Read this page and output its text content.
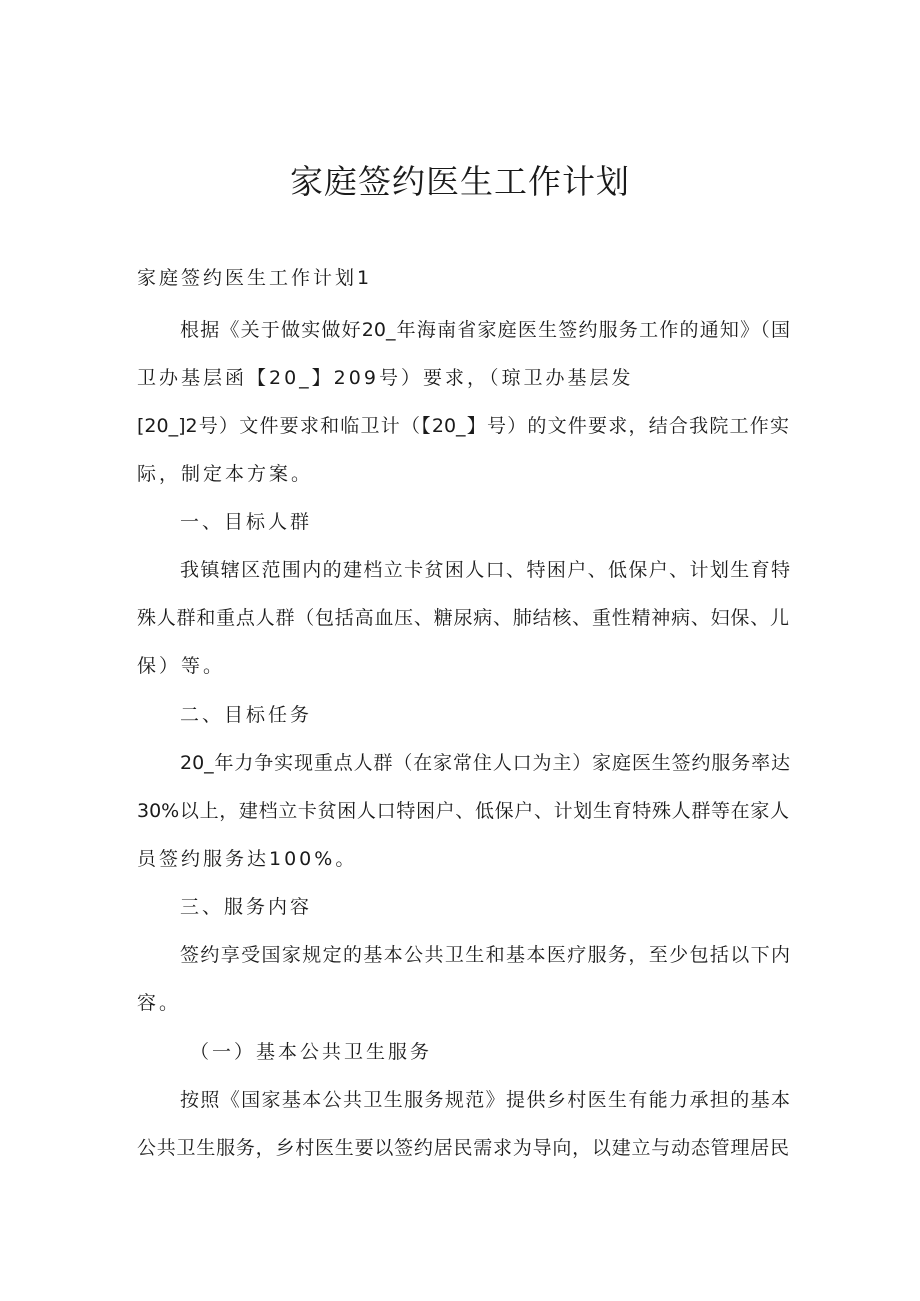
家庭签约医生工作计划
家庭签约医生工作计划1
根据《关于做实做好20_年海南省家庭医生签约服务工作的通知》（国
卫办基层函【20_】209号）要求，（琼卫办基层发
[20_]2号）文件要求和临卫计（【20_】号）的文件要求，结合我院工作实
际，制定本方案。
一、目标人群
我镇辖区范围内的建档立卡贫困人口、特困户、低保户、计划生育特
殊人群和重点人群（包括高血压、糖尿病、肺结核、重性精神病、妇保、儿
保）等。
二、目标任务
20_年力争实现重点人群（在家常住人口为主）家庭医生签约服务率达
30%以上，建档立卡贫困人口特困户、低保户、计划生育特殊人群等在家人
员签约服务达100%。
三、服务内容
签约享受国家规定的基本公共卫生和基本医疗服务，至少包括以下内
容。
（一）基本公共卫生服务
按照《国家基本公共卫生服务规范》提供乡村医生有能力承担的基本
公共卫生服务，乡村医生要以签约居民需求为导向，以建立与动态管理居民
